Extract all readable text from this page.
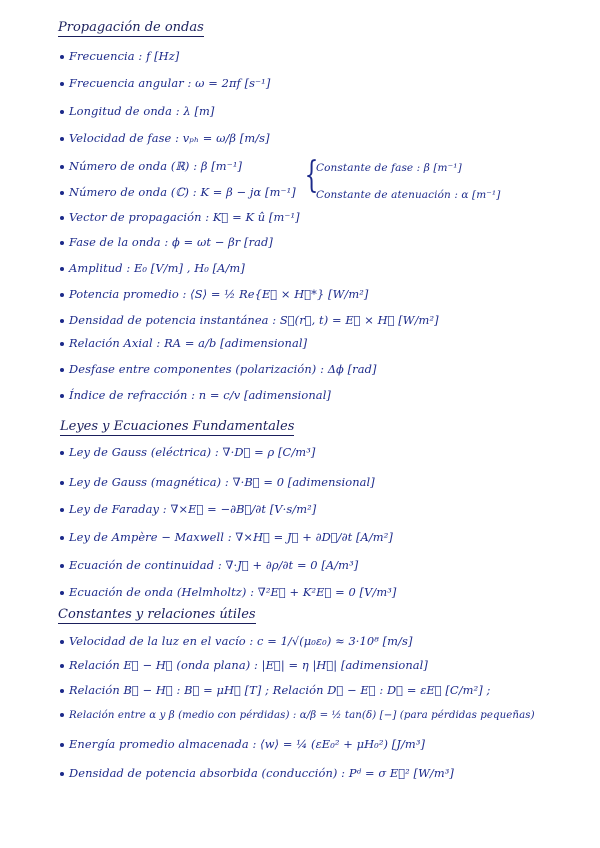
Propagación de ondas
Frecuencia : f [Hz]
Frecuencia angular : ω = 2πf [s⁻¹]
Longitud de onda : λ [m]
Velocidad de fase : vₚₕ = ω/β [m/s]
Número de onda (ℝ) : β [m⁻¹]
Número de onda (ℂ) : K = β − jα [m⁻¹] {
Constante de fase : β [m⁻¹]
Constante de atenuación : α [m⁻¹]
Vector de propagación : K⃗ = K û [m⁻¹]
Fase de la onda : ϕ = ωt − βr [rad]
Amplitud : E₀ [V/m] , H₀ [A/m]
Potencia promedio : ⟨S⟩ = ½ Re{E⃗ × H⃗*} [W/m²]
Densidad de potencia instantánea : S⃗(r⃗, t) = E⃗ × H⃗ [W/m²]
Relación Axial : RA = a/b [adimensional]
Desfase entre componentes (polarización) : Δϕ [rad]
Índice de refracción : n = c/v [adimensional]
Leyes y Ecuaciones Fundamentales
Ley de Gauss (eléctrica) : ∇·D⃗ = ρ [C/m³]
Ley de Gauss (magnética) : ∇·B⃗ = 0 [adimensional]
Ley de Faraday : ∇×E⃗ = −∂B⃗/∂t [V·s/m²]
Ley de Ampère − Maxwell : ∇×H⃗ = J⃗ + ∂D⃗/∂t [A/m²]
Ecuación de continuidad : ∇·J⃗ + ∂ρ/∂t = 0 [A/m³]
Ecuación de onda (Helmholtz) : ∇²E⃗ + K²E⃗ = 0 [V/m³]
Constantes y relaciones útiles
Velocidad de la luz en el vacío : c = 1/√(μ₀ε₀) ≈ 3·10⁸ [m/s]
Relación E⃗ − H⃗ (onda plana) : |E⃗| = η |H⃗| [adimensional]
Relación B⃗ − H⃗ : B⃗ = μH⃗ [T] ; Relación D⃗ − E⃗ : D⃗ = εE⃗ [C/m²] ;
Relación entre α y β (medio con pérdidas) : α/β = ½ tan(δ) [−] (para pérdidas pequeñas)
Energía promedio almacenada : ⟨w⟩ = ¼ (εE₀² + μH₀²) [J/m³]
Densidad de potencia absorbida (conducción) : Pᵈ = σ E⃗² [W/m³]
